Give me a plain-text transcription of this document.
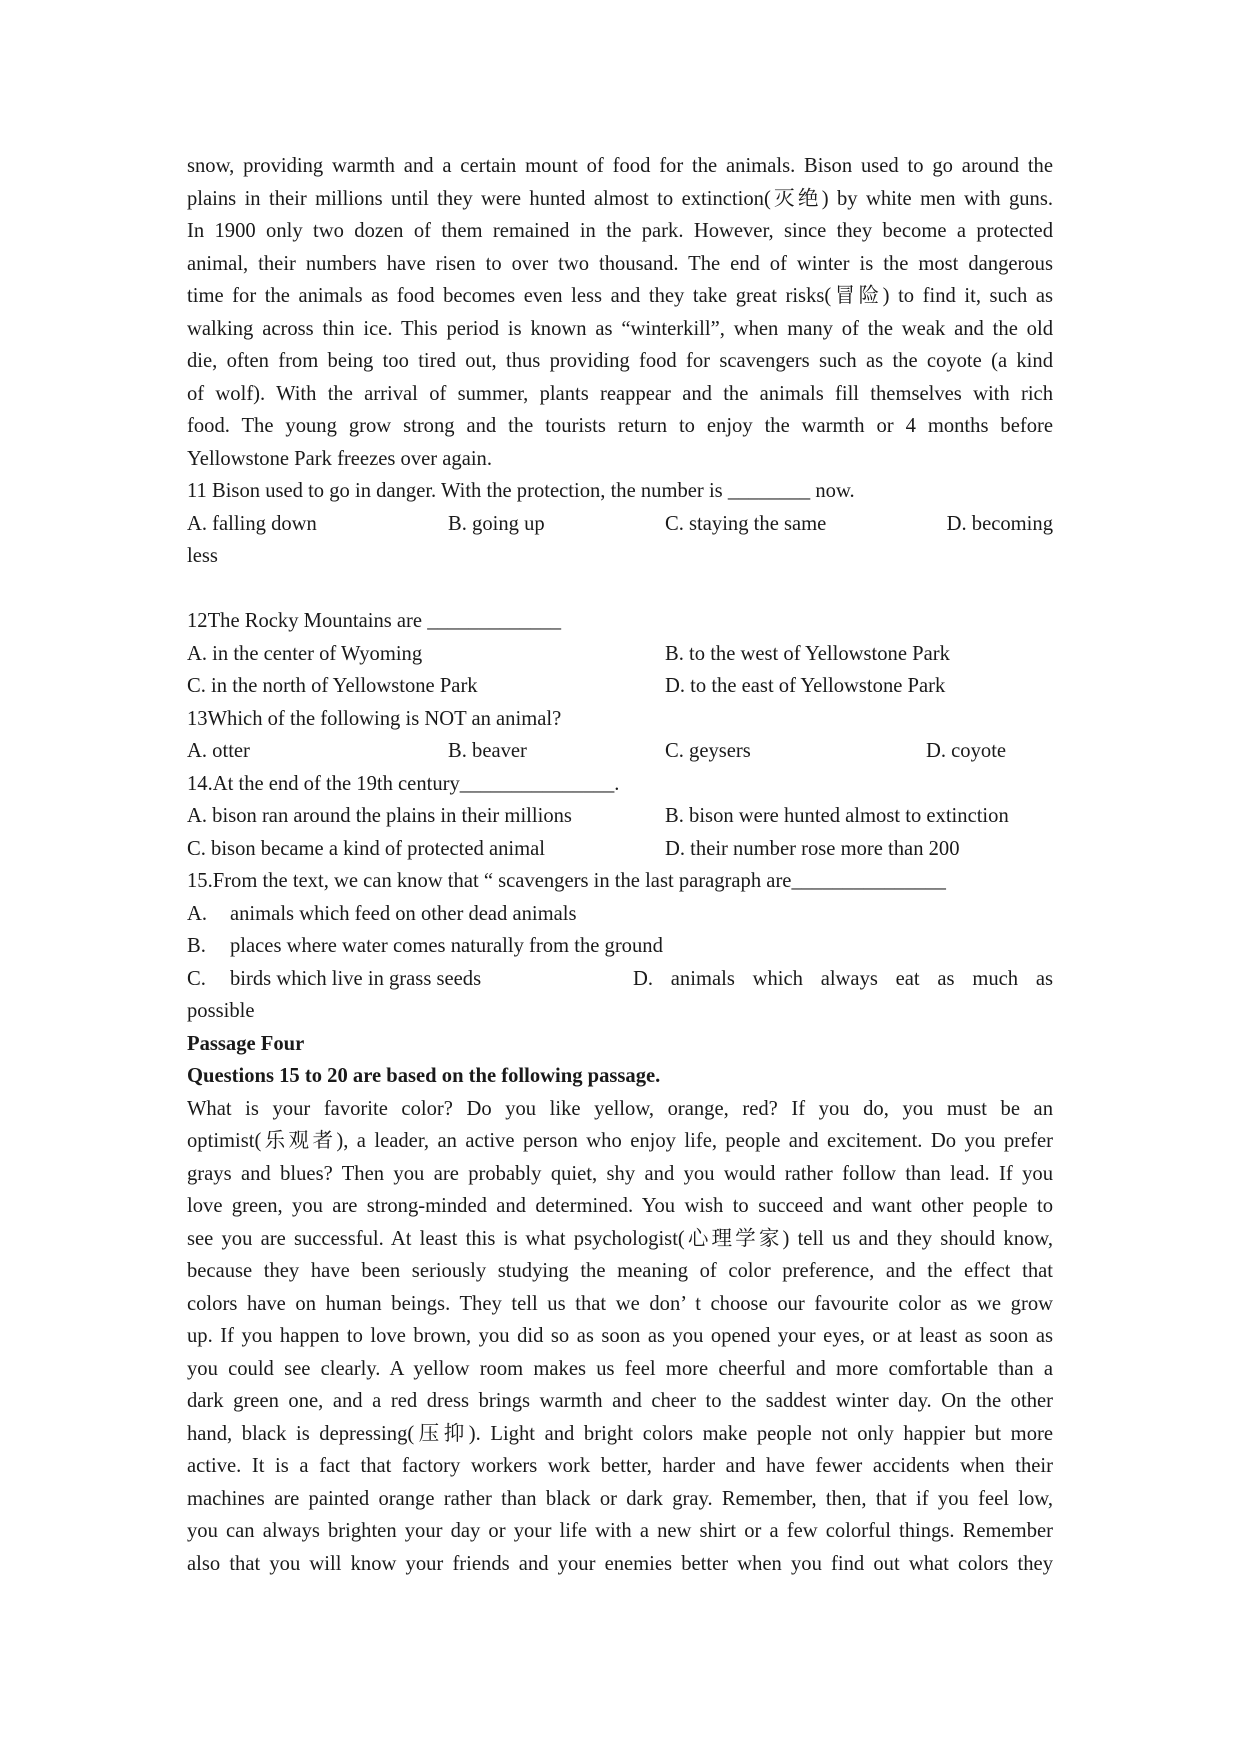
snow, providing warmth and a certain mount of food for the animals. Bison used to go around the
plains in their millions until they were hunted almost to extinction(灭绝) by white men with guns.
In 1900 only two dozen of them remained in the park. However, since they become a protected
animal, their numbers have risen to over two thousand. The end of winter is the most dangerous
time for the animals as food becomes even less and they take great risks(冒险) to find it, such as
walking across thin ice. This period is known as “winterkill”, when many of the weak and the old
die, often from being too tired out, thus providing food for scavengers such as the coyote (a kind
of wolf). With the arrival of summer, plants reappear and the animals fill themselves with rich
food. The young grow strong and the tourists return to enjoy the warmth or 4 months before
Yellowstone Park freezes over again.
11 Bison used to go in danger. With the protection, the number is ________ now.
A. falling down	B. going up	C. staying the same	D. becoming
less
12The Rocky Mountains are _____________
A. in the center of Wyoming	B. to the west of Yellowstone Park
C. in the north of Yellowstone Park	D. to the east of Yellowstone Park
13Which of the following is NOT an animal?
A. otter	B. beaver	C. geysers	D. coyote
14.At the end of the 19th century_______________.
A. bison ran around the plains in their millions	B. bison were hunted almost to extinction
C. bison became a kind of protected animal	D. their number rose more than 200
15.From the text, we can know that “ scavengers in the last paragraph are_______________
A. animals which feed on other dead animals
B. places where water comes naturally from the ground
C. birds which live in grass seeds	D. animals which always eat as much as
possible
Passage Four
Questions 15 to 20 are based on the following passage.
What is your favorite color? Do you like yellow, orange, red? If you do, you must be an
optimist(乐观者), a leader, an active person who enjoy life, people and excitement. Do you prefer
grays and blues? Then you are probably quiet, shy and you would rather follow than lead. If you
love green, you are strong-minded and determined. You wish to succeed and want other people to
see you are successful. At least this is what psychologist(心理学家) tell us and they should know,
because they have been seriously studying the meaning of color preference, and the effect that
colors have on human beings. They tell us that we don’ t choose our favourite color as we grow
up. If you happen to love brown, you did so as soon as you opened your eyes, or at least as soon as
you could see clearly. A yellow room makes us feel more cheerful and more comfortable than a
dark green one, and a red dress brings warmth and cheer to the saddest winter day. On the other
hand, black is depressing(压抑). Light and bright colors make people not only happier but more
active. It is a fact that factory workers work better, harder and have fewer accidents when their
machines are painted orange rather than black or dark gray. Remember, then, that if you feel low,
you can always brighten your day or your life with a new shirt or a few colorful things. Remember
also that you will know your friends and your enemies better when you find out what colors they
